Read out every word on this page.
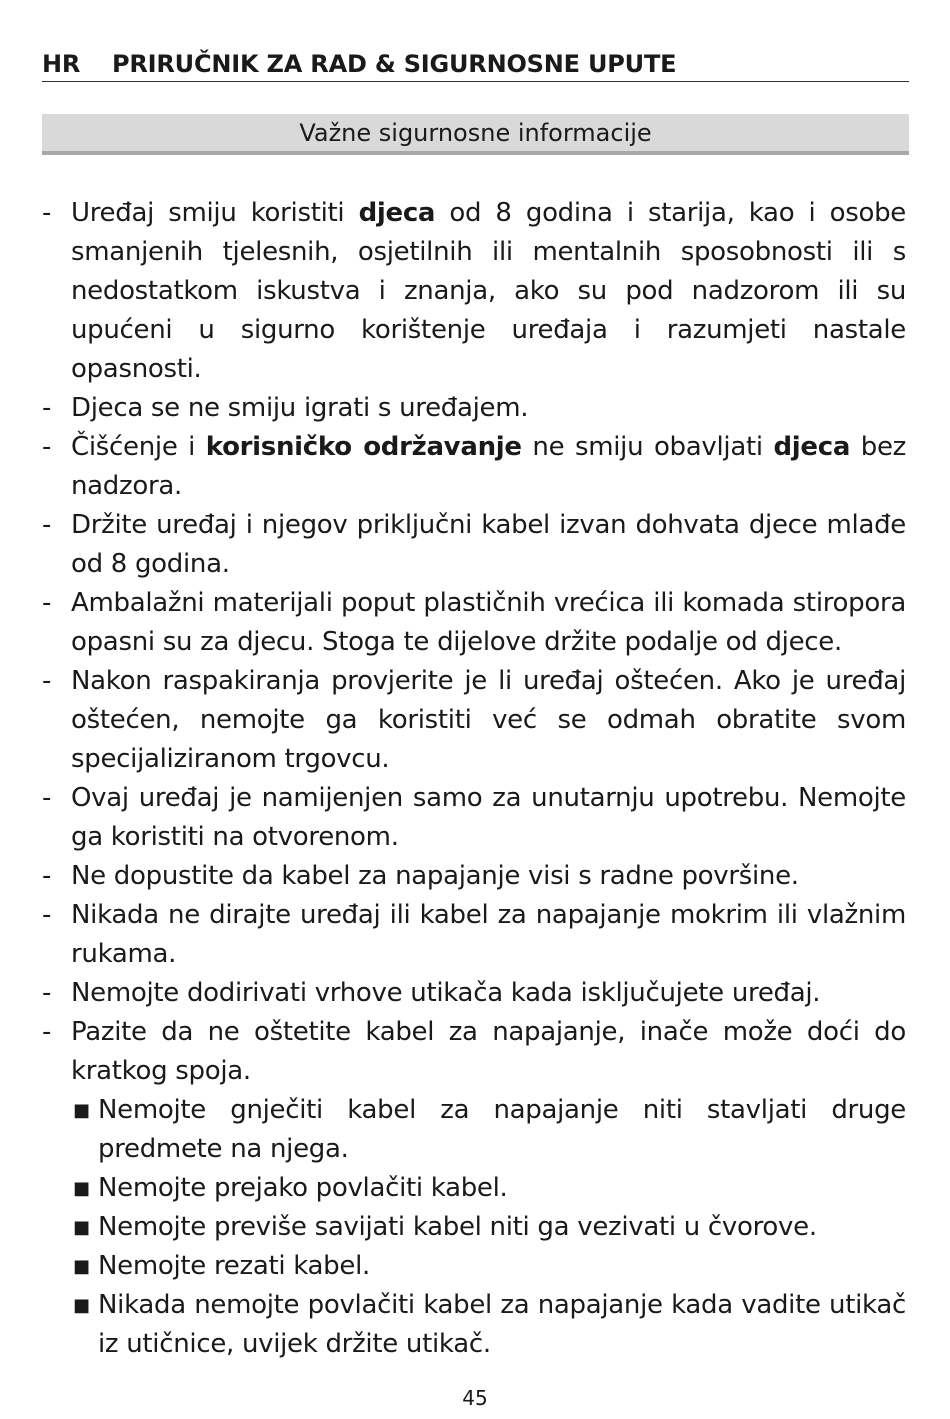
HR	PRIRUČNIK ZA RAD & SIGURNOSNE UPUTE
Važne sigurnosne informacije
- Uređaj smiju koristiti djeca od 8 godina i starija, kao i osobe smanjenih tjelesnih, osjetilnih ili mentalnih sposobnosti ili s nedostatkom iskustva i znanja, ako su pod nadzorom ili su upućeni u sigurno korištenje uređaja i razumjeti nastale opasnosti.
- Djeca se ne smiju igrati s uređajem.
- Čišćenje i korisničko održavanje ne smiju obavljati djeca bez nadzora.
- Držite uređaj i njegov priključni kabel izvan dohvata djece mlađe od 8 godina.
- Ambalažni materijali poput plastičnih vrećica ili komada stiropora opasni su za djecu. Stoga te dijelove držite podalje od djece.
- Nakon raspakiranja provjerite je li uređaj oštećen. Ako je uređaj oštećen, nemojte ga koristiti već se odmah obratite svom specijaliziranom trgovcu.
- Ovaj uređaj je namijenjen samo za unutarnju upotrebu. Nemojte ga koristiti na otvorenom.
- Ne dopustite da kabel za napajanje visi s radne površine.
- Nikada ne dirajte uređaj ili kabel za napajanje mokrim ili vlažnim rukama.
- Nemojte dodirivati vrhove utikača kada isključujete uređaj.
- Pazite da ne oštetite kabel za napajanje, inače može doći do kratkog spoja.
■ Nemojte gnječiti kabel za napajanje niti stavljati druge predmete na njega.
■ Nemojte prejako povlačiti kabel.
■ Nemojte previše savijati kabel niti ga vezivati u čvorove.
■ Nemojte rezati kabel.
■ Nikada nemojte povlačiti kabel za napajanje kada vadite utikač iz utičnice, uvijek držite utikač.
45
